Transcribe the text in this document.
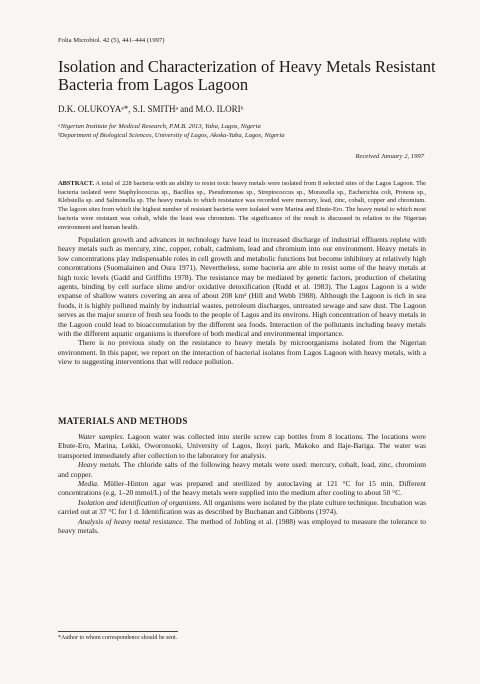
Folia Microbiol. 42 (5), 441–444 (1997)
Isolation and Characterization of Heavy Metals Resistant Bacteria from Lagos Lagoon
D.K. OLUKOYAᵃ*, S.I. SMITHᵃ and M.O. ILORIᵇ
ᵃNigerian Institute for Medical Research, P.M.B. 2013, Yaba, Lagos, Nigeria
ᵇDepartment of Biological Sciences, University of Lagos, Akoka-Yaba, Lagos, Nigeria
Received January 2, 1997
ABSTRACT. A total of 228 bacteria with an ability to resist toxic heavy metals were isolated from 8 selected sites of the Lagos Lagoon. The bacteria isolated were Staphylococcus sp., Bacillus sp., Pseudomonas sp., Streptococcus sp., Moraxella sp., Escherichia coli, Proteus sp., Klebsiella sp. and Salmonella sp. The heavy metals to which resistance was recorded were mercury, lead, zinc, cobalt, copper and chromium. The lagoon sites from which the highest number of resistant bacteria were isolated were Marina and Ebute-Ero. The heavy metal to which most bacteria were resistant was cobalt, while the least was chromium. The significance of the result is discussed in relation to the Nigerian environment and human health.

Population growth and advances in technology have lead to increased discharge of industrial effluents replete with heavy metals such as mercury, zinc, copper, cobalt, cadmium, lead and chromium into our environment. Heavy metals in low concentrations play indispensable roles in cell growth and metabolic functions but become inhibitory at relatively high concentrations (Suomalainen and Oura 1971). Nevertheless, some bacteria are able to resist some of the heavy metals at high toxic levels (Gadd and Griffiths 1978). The resistance may be mediated by genetic factors, production of chelating agents, binding by cell surface slime and/or oxidative detoxification (Rudd et al. 1983). The Lagos Lagoon is a wide expanse of shallow waters covering an area of about 208 km² (Hill and Webb 1988). Although the Lagoon is rich in sea foods, it is highly polluted mainly by industrial wastes, petroleum discharges, untreated sewage and saw dust. The Lagoon serves as the major source of fresh sea foods to the people of Lagos and its environs. High concentration of heavy metals in the Lagoon could lead to bioaccumulation by the different sea foods. Interaction of the pollutants including heavy metals with the different aquatic organisms is therefore of both medical and environmental importance.

There is no previous study on the resistance to heavy metals by microorganisms isolated from the Nigerian environment. In this paper, we report on the interaction of bacterial isolates from Lagos Lagoon with heavy metals, with a view to suggesting interventions that will reduce pollution.

MATERIALS AND METHODS

Water samples. Lagoon water was collected into sterile screw cap bottles from 8 locations. The locations were Ebute-Ero, Marina, Lekki, Oworonsoki, University of Lagos, Ikoyi park, Makoko and Ilaje-Bariga. The water was transported immediately after collection to the laboratory for analysis.

Heavy metals. The chloride salts of the following heavy metals were used: mercury, cobalt, lead, zinc, chromium and copper.

Media. Müller–Hinton agar was prepared and sterilized by autoclaving at 121 °C for 15 min. Different concentrations (e.g. 1–20 mmol/L) of the heavy metals were supplied into the medium after cooling to about 50 °C.

Isolation and identification of organisms. All organisms were isolated by the plate culture technique. Incubation was carried out at 37 °C for 1 d. Identification was as described by Buchanan and Gibbons (1974).

Analysis of heavy metal resistance. The method of Jobling et al. (1988) was employed to measure the tolerance to heavy metals.

*Author to whom correspondence should be sent.
